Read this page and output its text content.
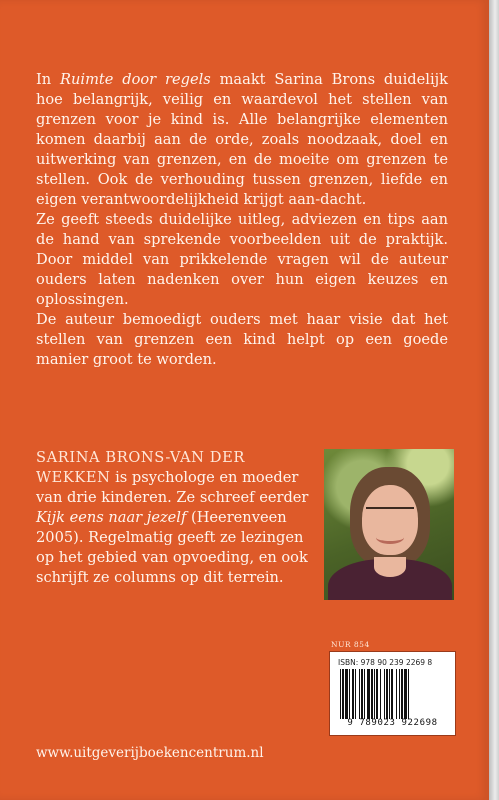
In Ruimte door regels maakt Sarina Brons duidelijk hoe belangrijk, veilig en waardevol het stellen van grenzen voor je kind is. Alle belangrijke elementen komen daarbij aan de orde, zoals noodzaak, doel en uitwerking van grenzen, en de moeite om grenzen te stellen. Ook de verhouding tussen grenzen, liefde en eigen verantwoordelijkheid krijgt aan-dacht.

Ze geeft steeds duidelijke uitleg, adviezen en tips aan de hand van sprekende voorbeelden uit de praktijk. Door middel van prikkelende vragen wil de auteur ouders laten nadenken over hun eigen keuzes en oplossingen.

De auteur bemoedigt ouders met haar visie dat het stellen van grenzen een kind helpt op een goede manier groot te worden.

SARINA BRONS-VAN DER WEKKEN is psychologe en moeder van drie kinderen. Ze schreef eerder Kijk eens naar jezelf (Heerenveen 2005). Regelmatig geeft ze lezingen op het gebied van opvoeding, en ook schrijft ze columns op dit terrein.
NUR 854
ISBN: 978 90 239 2269 8
9 789023 922698
www.uitgeverijboekencentrum.nl
